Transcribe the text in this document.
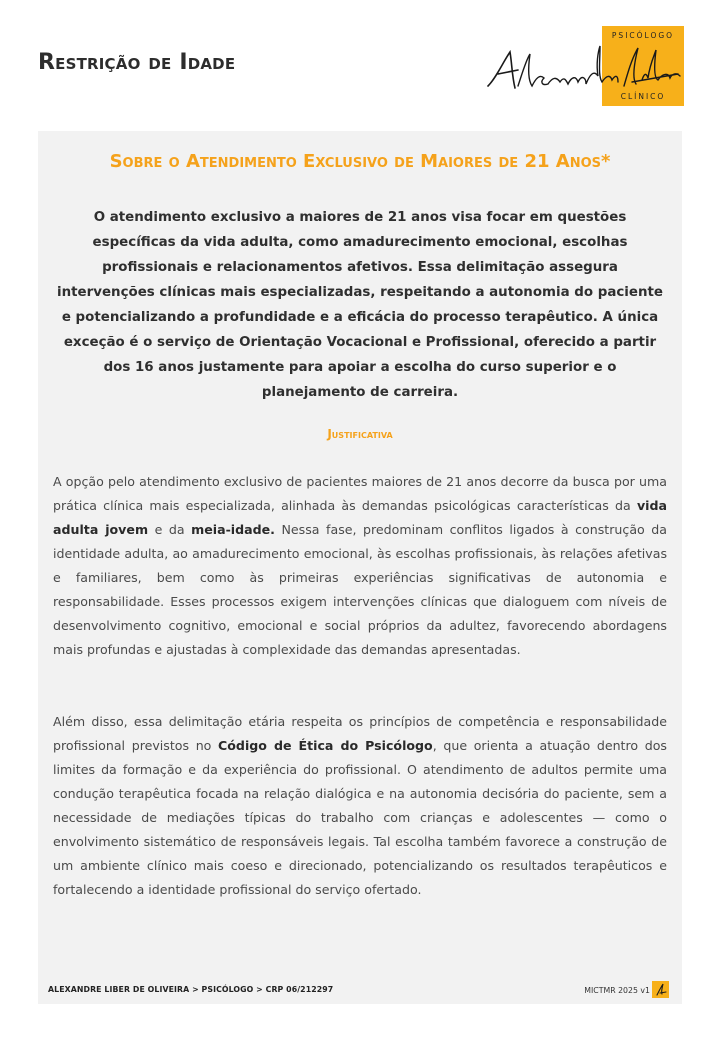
Restrição de Idade
PSICÓLOGO
CLÍNICO
Sobre o Atendimento Exclusivo de Maiores de 21 Anos*

O atendimento exclusivo a maiores de 21 anos visa focar em questões específicas da vida adulta, como amadurecimento emocional, escolhas profissionais e relacionamentos afetivos. Essa delimitação assegura intervenções clínicas mais especializadas, respeitando a autonomia do paciente e potencializando a profundidade e a eficácia do processo terapêutico. A única exceção é o serviço de Orientação Vocacional e Profissional, oferecido a partir dos 16 anos justamente para apoiar a escolha do curso superior e o planejamento de carreira.

Justificativa

A opção pelo atendimento exclusivo de pacientes maiores de 21 anos decorre da busca por uma prática clínica mais especializada, alinhada às demandas psicológicas características da vida adulta jovem e da meia-idade. Nessa fase, predominam conflitos ligados à construção da identidade adulta, ao amadurecimento emocional, às escolhas profissionais, às relações afetivas e familiares, bem como às primeiras experiências significativas de autonomia e responsabilidade. Esses processos exigem intervenções clínicas que dialoguem com níveis de desenvolvimento cognitivo, emocional e social próprios da adultez, favorecendo abordagens mais profundas e ajustadas à complexidade das demandas apresentadas.

Além disso, essa delimitação etária respeita os princípios de competência e responsabilidade profissional previstos no Código de Ética do Psicólogo, que orienta a atuação dentro dos limites da formação e da experiência do profissional. O atendimento de adultos permite uma condução terapêutica focada na relação dialógica e na autonomia decisória do paciente, sem a necessidade de mediações típicas do trabalho com crianças e adolescentes — como o envolvimento sistemático de responsáveis legais. Tal escolha também favorece a construção de um ambiente clínico mais coeso e direcionado, potencializando os resultados terapêuticos e fortalecendo a identidade profissional do serviço ofertado.

ALEXANDRE LIBER DE OLIVEIRA > PSICÓLOGO > CRP 06/212297	MICTMR 2025 v1
